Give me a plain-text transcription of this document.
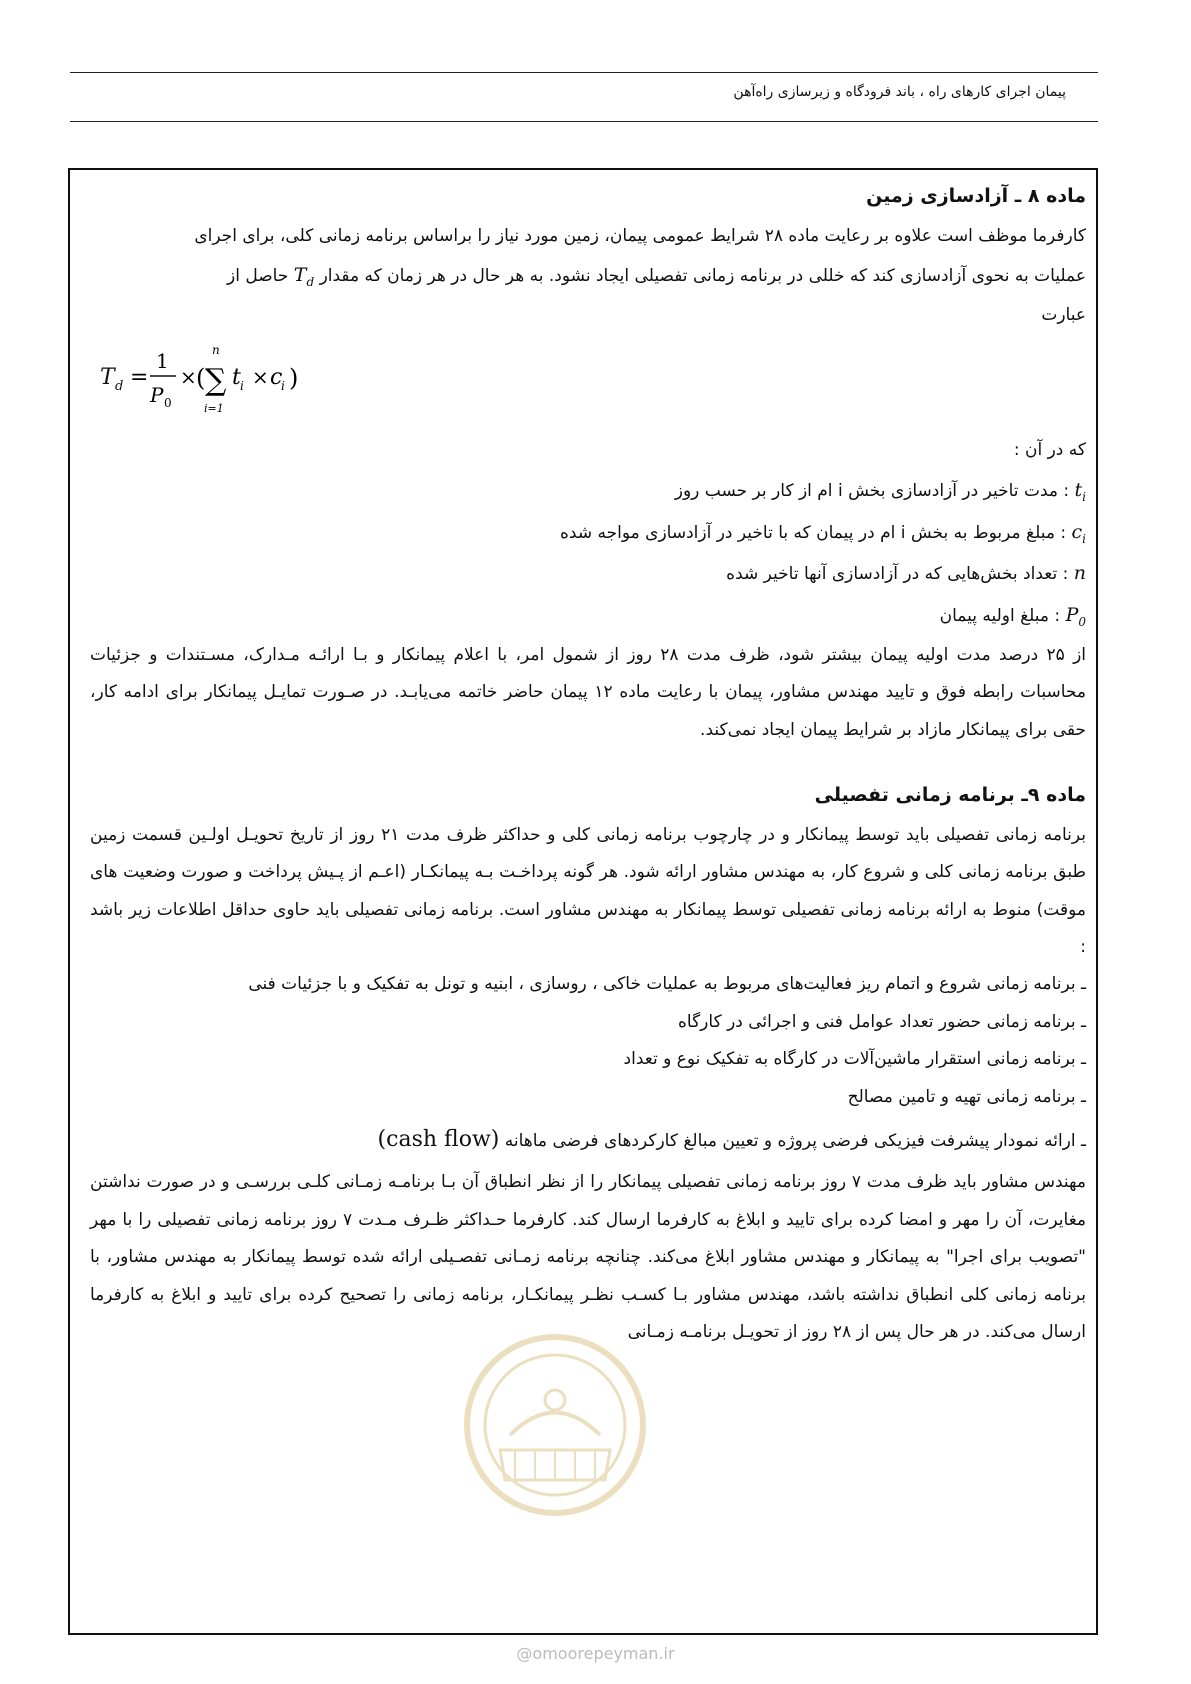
پیمان اجرای کارهای راه ، باند فرودگاه و زیرسازی راه‌آهن
ماده ۸ ـ آزادسازی زمین

کارفرما موظف است علاوه بر رعایت ماده ۲۸ شرایط عمومی پیمان، زمین مورد نیاز را براساس برنامه زمانی کلی، برای اجرای
عملیات به نحوی آزادسازی کند که خللی در برنامه زمانی تفصیلی ایجاد نشود. به هر حال در هر زمان که مقدار $T_d$ حاصل از
عبارت

T d =
1
P 0
× ( ∑
n
i=1
t i × c
i )

که در آن :

$t_i$ : مدت تاخیر در آزادسازی بخش i ام از کار بر حسب روز
$c_i$ : مبلغ مربوط به بخش i ام در پیمان که با تاخیر در آزادسازی مواجه شده
n : تعداد بخش‌هایی که در آزادسازی آنها تاخیر شده
$P_0$ : مبلغ اولیه پیمان

از ۲۵ درصد مدت اولیه پیمان بیشتر شود، ظرف مدت ۲۸ روز از شمول امر، با اعلام پیمانکار و بـا ارائـه مـدارک، مسـتندات و جزئیات محاسبات رابطه فوق و تایید مهندس مشاور، پیمان با رعایت ماده ۱۲ پیمان حاضر خاتمه می‌یابـد. در صـورت تمایـل پیمانکار برای ادامه کار، حقی برای پیمانکار مازاد بر شرایط پیمان ایجاد نمی‌کند.

ماده ۹ـ برنامه زمانی تفصیلی

برنامه زمانی تفصیلی باید توسط پیمانکار و در چارچوب برنامه زمانی کلی و حداکثر ظرف مدت ۲۱ روز از تاریخ تحویـل اولـین قسمت زمین طبق برنامه زمانی کلی و شروع کار، به مهندس مشاور ارائه شود. هر گونه پرداخـت بـه پیمانکـار (اعـم از پـیش پرداخت و صورت وضعیت های موقت) منوط به ارائه برنامه زمانی تفصیلی توسط پیمانکار به مهندس مشاور است. برنامه زمانی تفصیلی باید حاوی حداقل اطلاعات زیر باشد :

ـ برنامه زمانی شروع و اتمام ریز فعالیت‌های مربوط به عملیات خاکی ، روسازی ، ابنیه و تونل به تفکیک و با جزئیات فنی
ـ برنامه زمانی حضور تعداد عوامل فنی و اجرائی در کارگاه
ـ برنامه زمانی استقرار ماشین‌آلات در کارگاه به تفکیک نوع و تعداد
ـ برنامه زمانی تهیه و تامین مصالح
ـ ارائه نمودار پیشرفت فیزیکی فرضی پروژه و تعیین مبالغ کارکردهای فرضی ماهانه (cash flow)

مهندس مشاور باید ظرف مدت ۷ روز برنامه زمانی تفصیلی پیمانکار را از نظر انطباق آن بـا برنامـه زمـانی کلـی بررسـی و در صورت نداشتن مغایرت، آن را مهر و امضا کرده برای تایید و ابلاغ به کارفرما ارسال کند. کارفرما حـداکثر ظـرف مـدت ۷ روز برنامه زمانی تفصیلی را با مهر "تصویب برای اجرا" به پیمانکار و مهندس مشاور ابلاغ می‌کند. چنانچه برنامه زمـانی تفصـیلی ارائه شده توسط پیمانکار به مهندس مشاور، با برنامه زمانی کلی انطباق نداشته باشد، مهندس مشاور بـا کسـب نظـر پیمانکـار، برنامه زمانی را تصحیح کرده برای تایید و ابلاغ به کارفرما ارسال می‌کند. در هر حال پس از ۲۸ روز از تحویـل برنامـه زمـانی

@omoorepeyman.ir
